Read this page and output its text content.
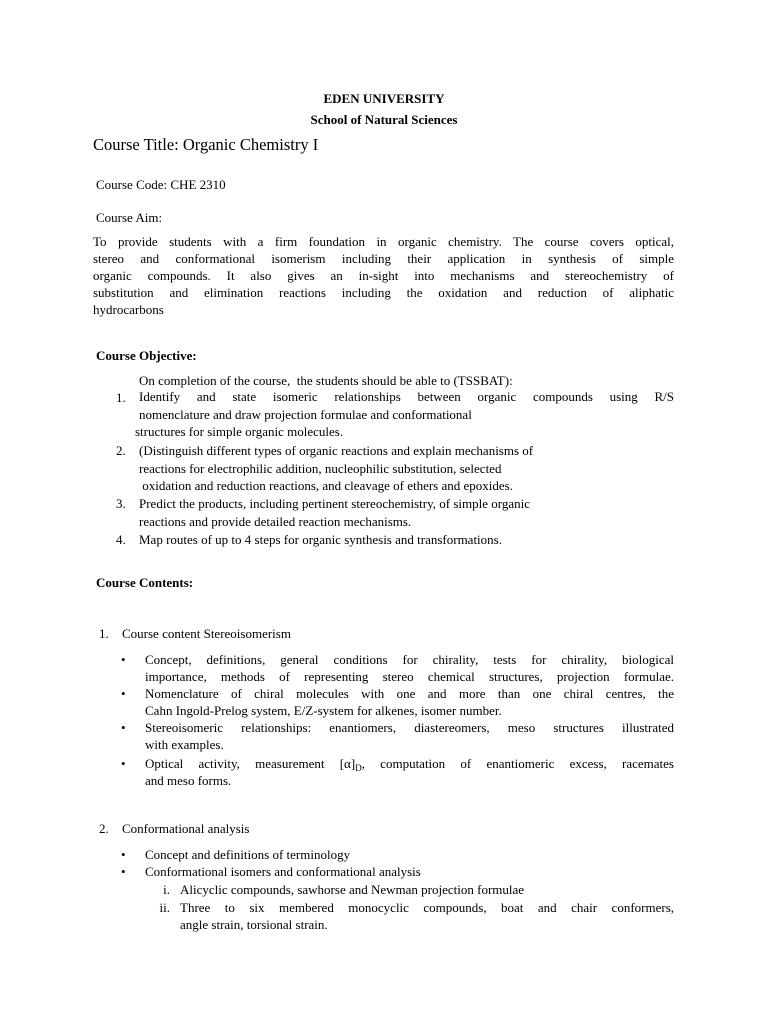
EDEN UNIVERSITY
School of Natural Sciences
Course Title: Organic Chemistry I
Course Code: CHE 2310
Course Aim:
To provide students with a firm foundation in organic chemistry. The course covers optical,
stereo and conformational isomerism including their application in synthesis of simple
organic compounds. It also gives an in-sight into mechanisms and stereochemistry of
substitution and elimination reactions including the oxidation and reduction of aliphatic
hydrocarbons
Course Objective:
On completion of the course,  the students should be able to (TSSBAT):
1. Identify and state isomeric relationships between organic compounds using R/S
nomenclature and draw projection formulae and conformational
structures for simple organic molecules.
2. (Distinguish different types of organic reactions and explain mechanisms of
reactions for electrophilic addition, nucleophilic substitution, selected
oxidation and reduction reactions, and cleavage of ethers and epoxides.
3. Predict the products, including pertinent stereochemistry, of simple organic
reactions and provide detailed reaction mechanisms.
4. Map routes of up to 4 steps for organic synthesis and transformations.
Course Contents:
1. Course content Stereoisomerism
• Concept, definitions, general conditions for chirality, tests for chirality, biological
importance, methods of representing stereo chemical structures, projection formulae.
• Nomenclature of chiral molecules with one and more than one chiral centres, the
Cahn Ingold-Prelog system, E/Z-system for alkenes, isomer number.
• Stereoisomeric relationships: enantiomers, diastereomers, meso structures illustrated
with examples.
• Optical activity, measurement $[\alpha]_D$, computation of enantiomeric excess, racemates
and meso forms.
2. Conformational analysis
• Concept and definitions of terminology
• Conformational isomers and conformational analysis
i. Alicyclic compounds, sawhorse and Newman projection formulae
ii. Three to six membered monocyclic compounds, boat and chair conformers,
angle strain, torsional strain.
